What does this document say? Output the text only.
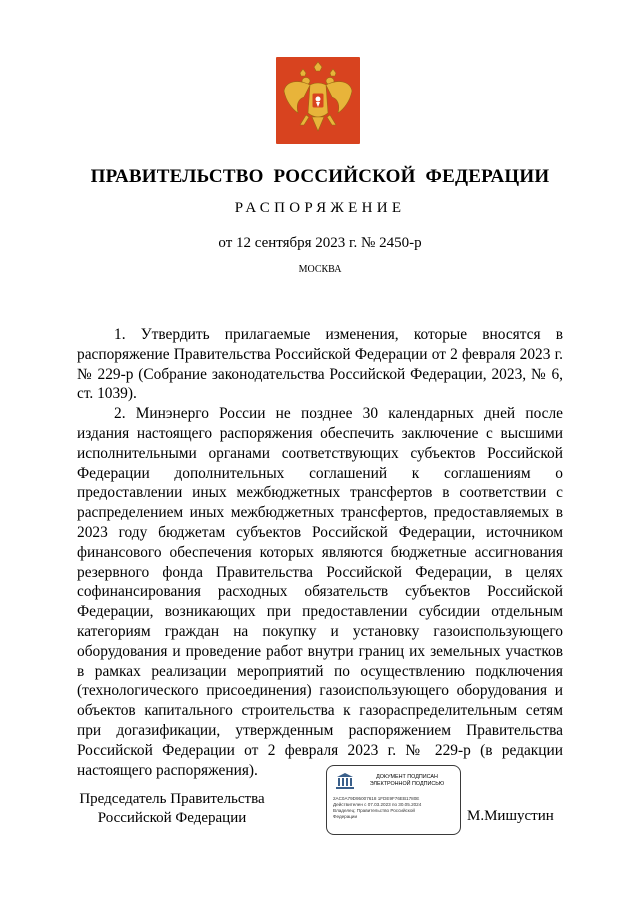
ПРАВИТЕЛЬСТВО РОССИЙСКОЙ ФЕДЕРАЦИИ
РАСПОРЯЖЕНИЕ
от 12 сентября 2023 г. № 2450-р
МОСКВА

1. Утвердить прилагаемые изменения, которые вносятся в распоряжение Правительства Российской Федерации от 2 февраля 2023 г. № 229-р (Собрание законодательства Российской Федерации, 2023, № 6, ст. 1039).

2. Минэнерго России не позднее 30 календарных дней после издания настоящего распоряжения обеспечить заключение с высшими исполнительными органами соответствующих субъектов Российской Федерации дополнительных соглашений к соглашениям о предоставлении иных межбюджетных трансфертов в соответствии с распределением иных межбюджетных трансфертов, предоставляемых в 2023 году бюджетам субъектов Российской Федерации, источником финансового обеспечения которых являются бюджетные ассигнования резервного фонда Правительства Российской Федерации, в целях софинансирования расходных обязательств субъектов Российской Федерации, возникающих при предоставлении субсидии отдельным категориям граждан на покупку и установку газоиспользующего оборудования и проведение работ внутри границ их земельных участков в рамках реализации мероприятий по осуществлению подключения (технологического присоединения) газоиспользующего оборудования и объектов капитального строительства к газораспределительным сетям при догазификации, утвержденным распоряжением Правительства Российской Федерации от 2 февраля 2023 г. № 229-р (в редакции настоящего распоряжения).

Председатель Правительства
Российской Федерации
ДОКУМЕНТ ПОДПИСАН
ЭЛЕКТРОННОЙ ПОДПИСЬЮ
2AC0A79D95007618 1FDE9F76EB1780E
Действителен с 07.03.2023 по 30.05.2024
Владелец: Правительство Российской
Федерации	М.Мишустин
